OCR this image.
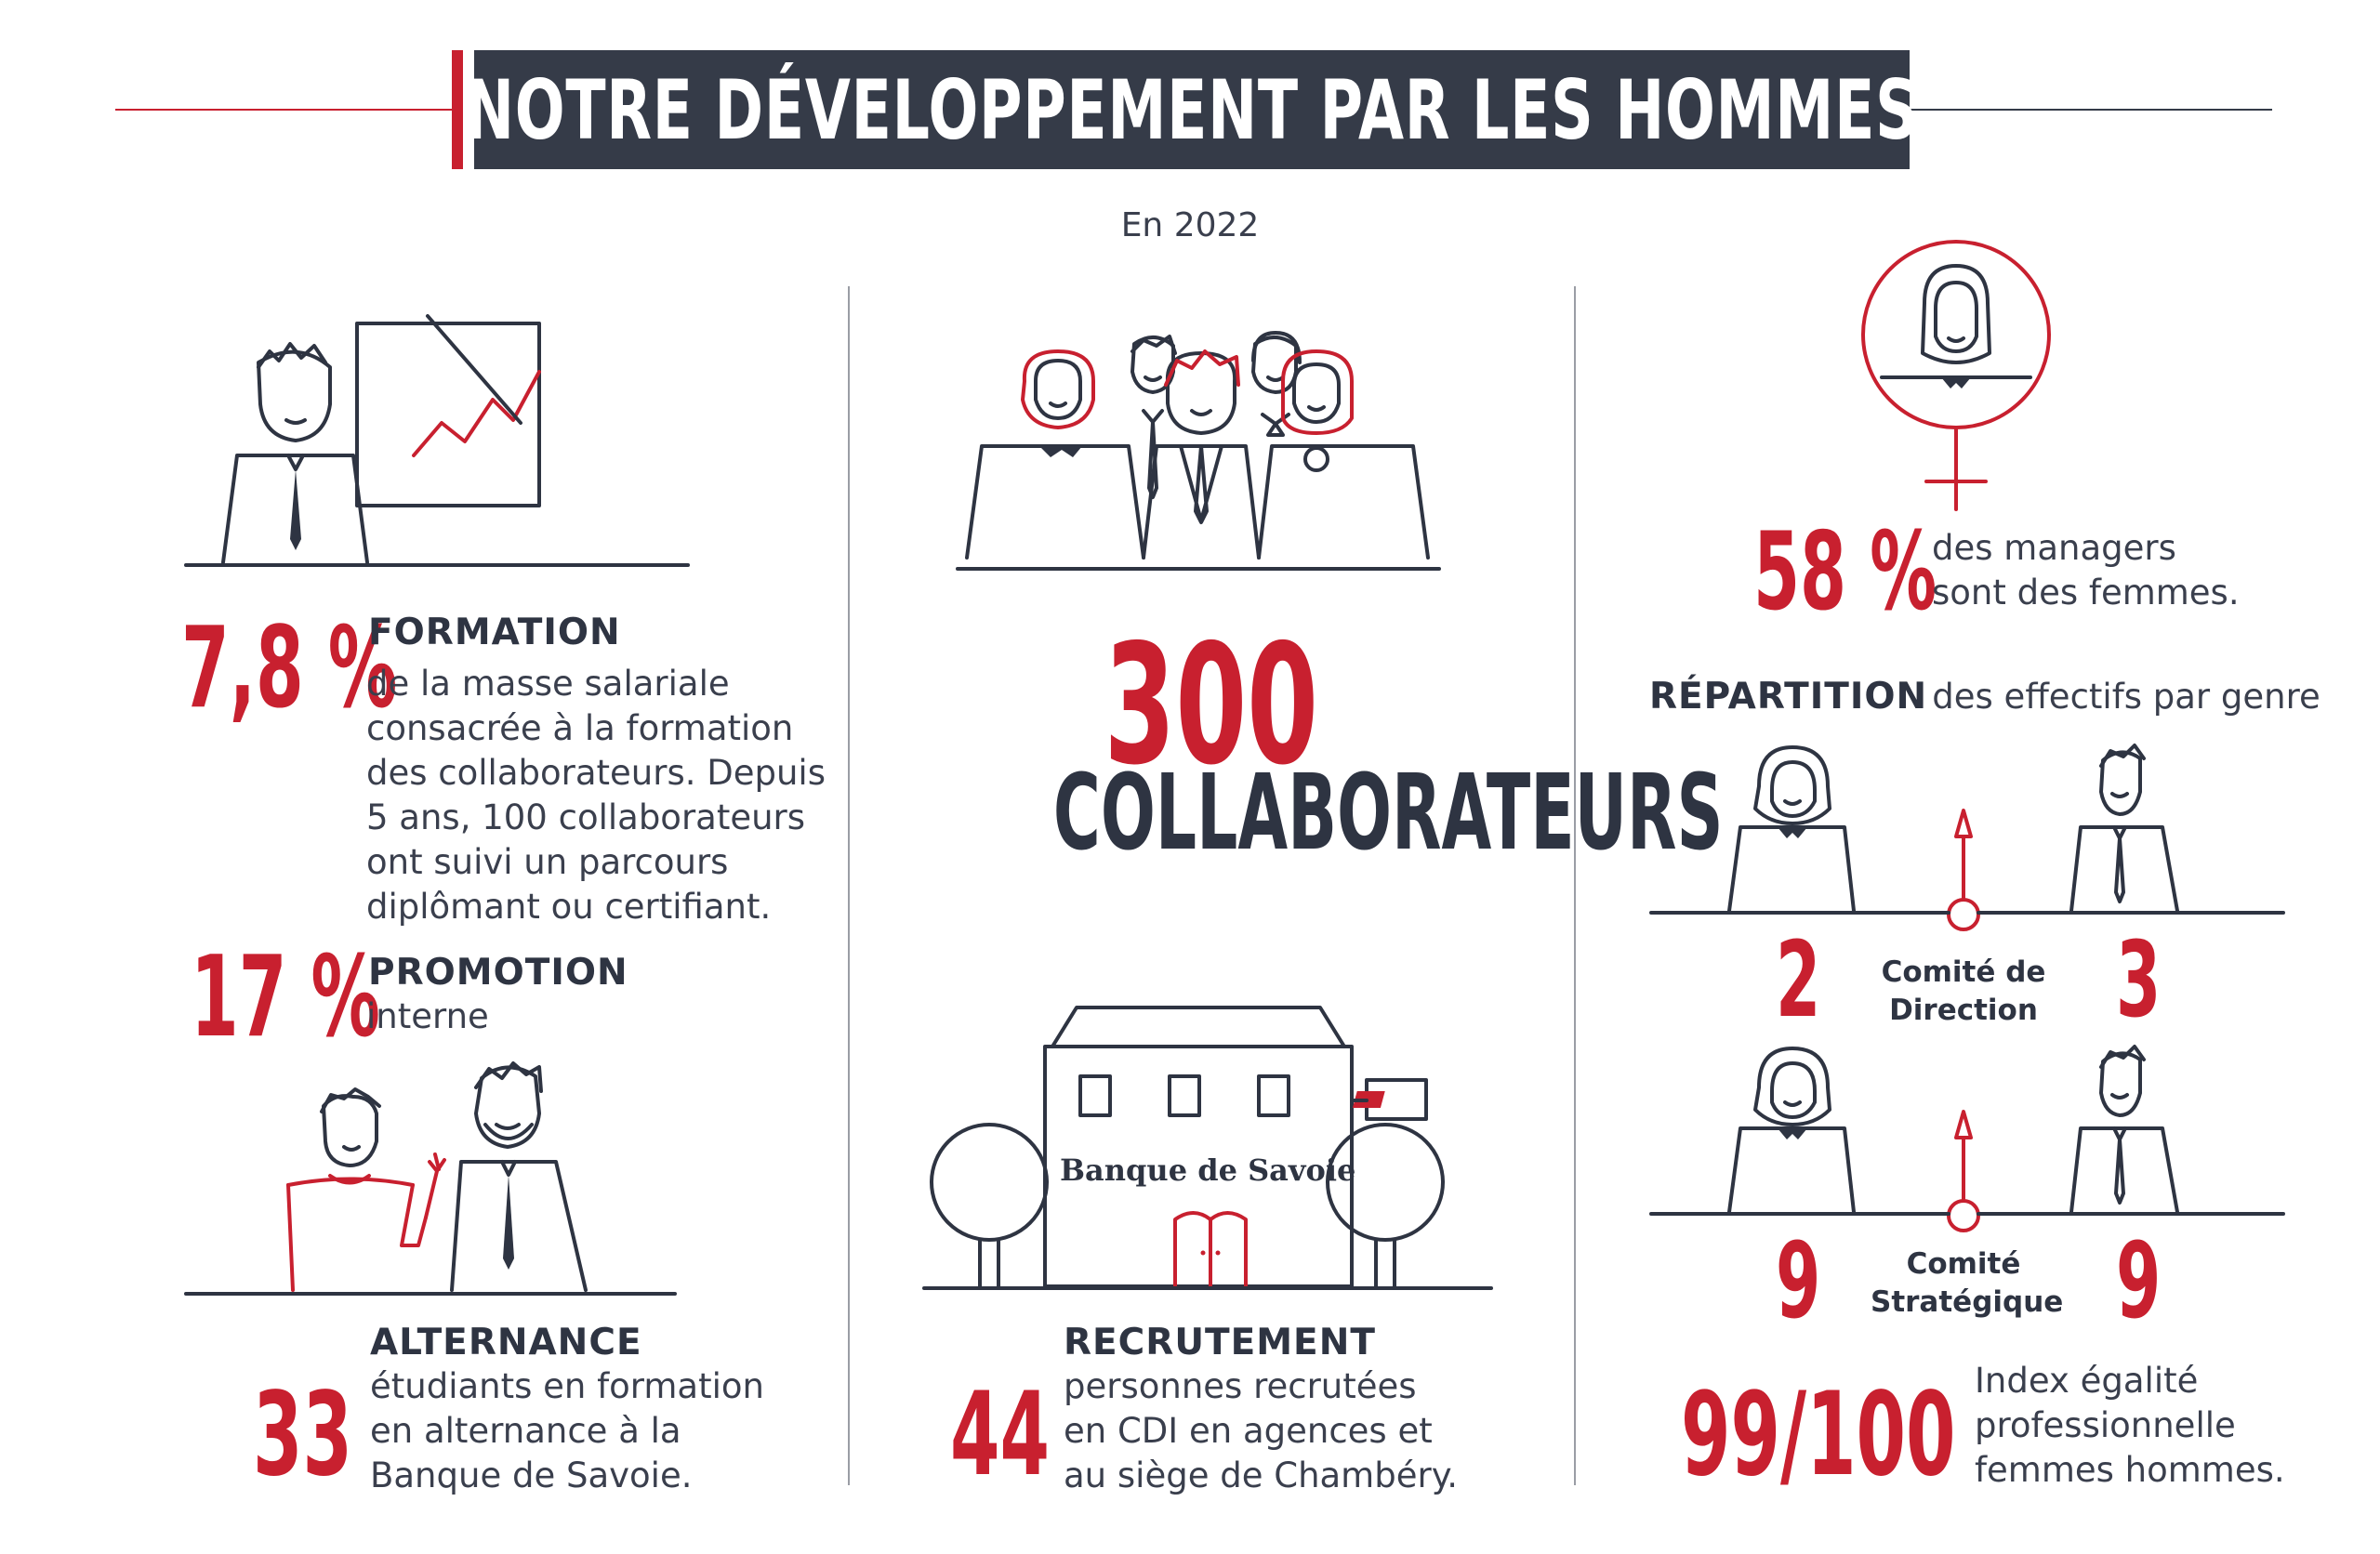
NOTRE DÉVELOPPEMENT PAR LES HOMMES
En 2022
7,8 %
FORMATION
de la masse salariale
consacrée à la formation
des collaborateurs. Depuis
5 ans, 100 collaborateurs
ont suivi un parcours
diplômant ou certifiant.
17 %
PROMOTION
interne
ALTERNANCE
33 étudiants en formation
en alternance à la
Banque de Savoie.
300
COLLABORATEURS
Banque de Savoie
RECRUTEMENT
44 personnes recrutées
en CDI en agences et
au siège de Chambéry.
58 %
des managers
sont des femmes.
RÉPARTITION des effectifs par genre
2	Comité de
Direction 3
9	Comité
Stratégique 9
99/100 Index égalité
professionnelle
femmes hommes.
